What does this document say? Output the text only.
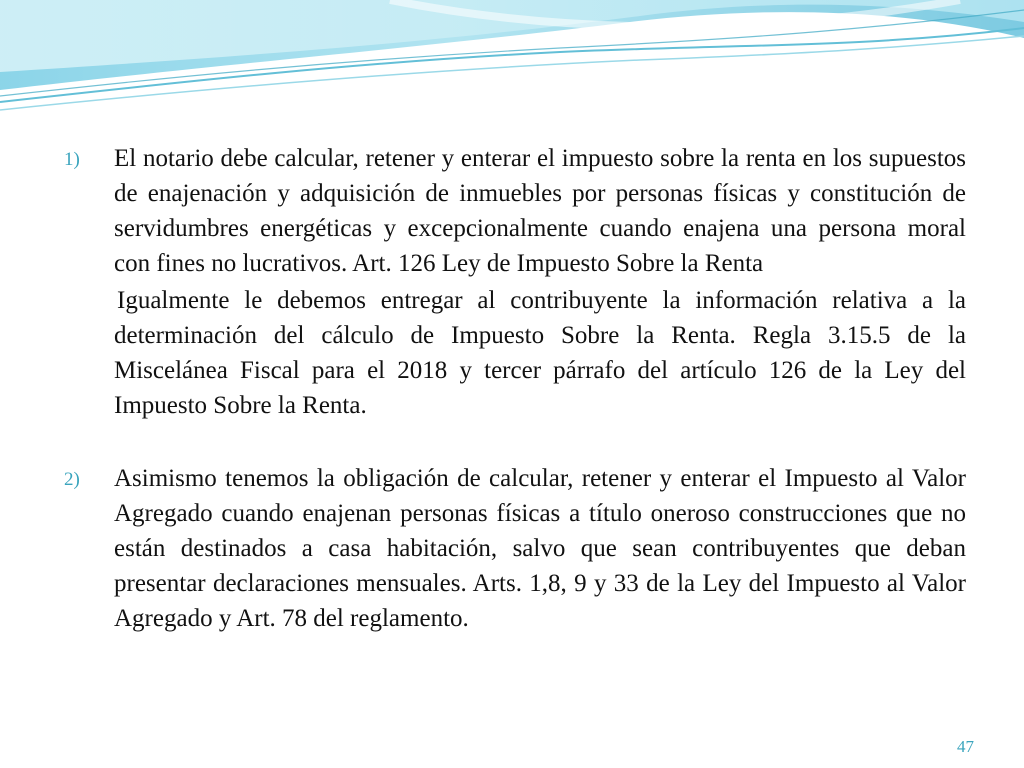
1) El notario debe calcular, retener y enterar el impuesto sobre la renta en los supuestos de enajenación y adquisición de inmuebles por personas físicas y constitución de servidumbres energéticas y excepcionalmente cuando enajena una persona moral con fines no lucrativos. Art. 126 Ley de Impuesto Sobre la Renta

Igualmente le debemos entregar al contribuyente la información relativa a la determinación del cálculo de Impuesto Sobre la Renta. Regla 3.15.5 de la Miscelánea Fiscal para el 2018 y tercer párrafo del artículo 126 de la Ley del Impuesto Sobre la Renta.

2) Asimismo tenemos la obligación de calcular, retener y enterar el Impuesto al Valor Agregado cuando enajenan personas físicas a título oneroso construcciones que no están destinados a casa habitación, salvo que sean contribuyentes que deban presentar declaraciones mensuales. Arts. 1,8, 9 y 33 de la Ley del Impuesto al Valor Agregado y Art. 78 del reglamento.
47
